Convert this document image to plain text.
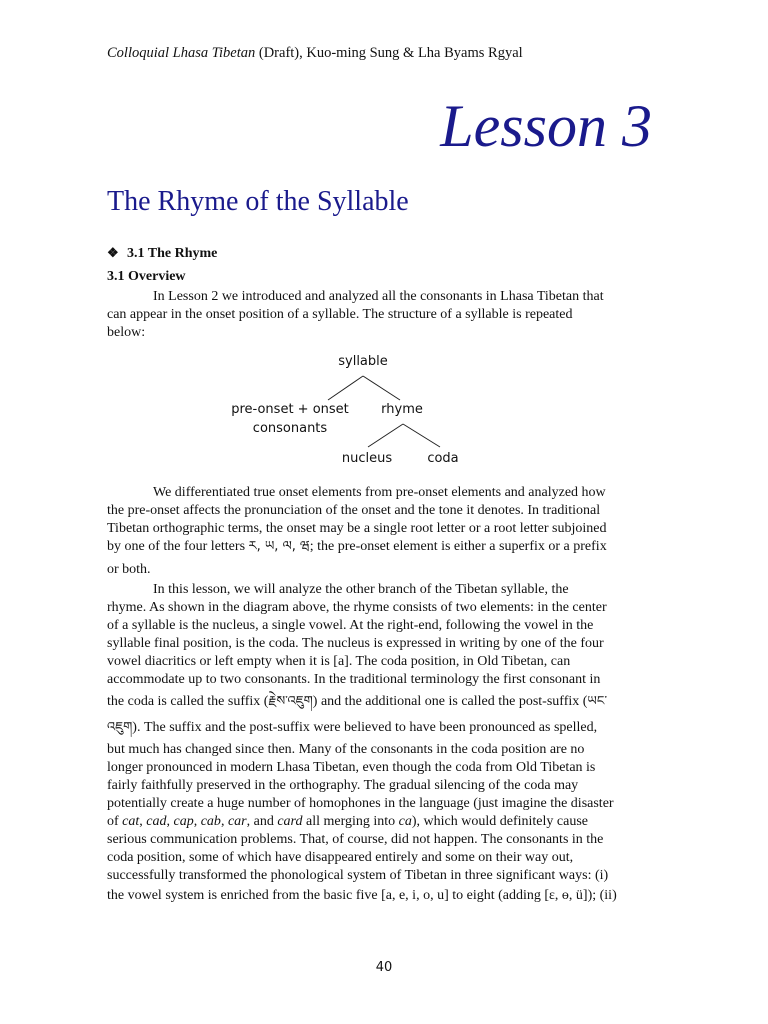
Colloquial Lhasa Tibetan (Draft), Kuo-ming Sung & Lha Byams Rgyal
Lesson 3
The Rhyme of the Syllable
❖ 3.1 The Rhyme
3.1 Overview
In Lesson 2 we introduced and analyzed all the consonants in Lhasa Tibetan that
can appear in the onset position of a syllable. The structure of a syllable is repeated
below:
syllable
pre-onset + onset
consonants
rhyme
nucleus	coda
We differentiated true onset elements from pre-onset elements and analyzed how
the pre-onset affects the pronunciation of the onset and the tone it denotes. In traditional
Tibetan orthographic terms, the onset may be a single root letter or a root letter subjoined
by one of the four letters ར, ཡ, ལ, ཝ; the pre-onset element is either a superfix or a prefix
or both.
In this lesson, we will analyze the other branch of the Tibetan syllable, the
rhyme. As shown in the diagram above, the rhyme consists of two elements: in the center
of a syllable is the nucleus, a single vowel. At the right-end, following the vowel in the
syllable final position, is the coda. The nucleus is expressed in writing by one of the four
vowel diacritics or left empty when it is [a]. The coda position, in Old Tibetan, can
accommodate up to two consonants. In the traditional terminology the first consonant in
the coda is called the suffix (རྗེས་འཇུག) and the additional one is called the post-suffix (ཡང་
འཇུག). The suffix and the post-suffix were believed to have been pronounced as spelled,
but much has changed since then. Many of the consonants in the coda position are no
longer pronounced in modern Lhasa Tibetan, even though the coda from Old Tibetan is
fairly faithfully preserved in the orthography. The gradual silencing of the coda may
potentially create a huge number of homophones in the language (just imagine the disaster
of cat, cad, cap, cab, car, and card all merging into ca), which would definitely cause
serious communication problems. That, of course, did not happen. The consonants in the
coda position, some of which have disappeared entirely and some on their way out,
successfully transformed the phonological system of Tibetan in three significant ways: (i)
the vowel system is enriched from the basic five [a, e, i, o, u] to eight (adding [ɛ, ɵ, ü]); (ii)
40
